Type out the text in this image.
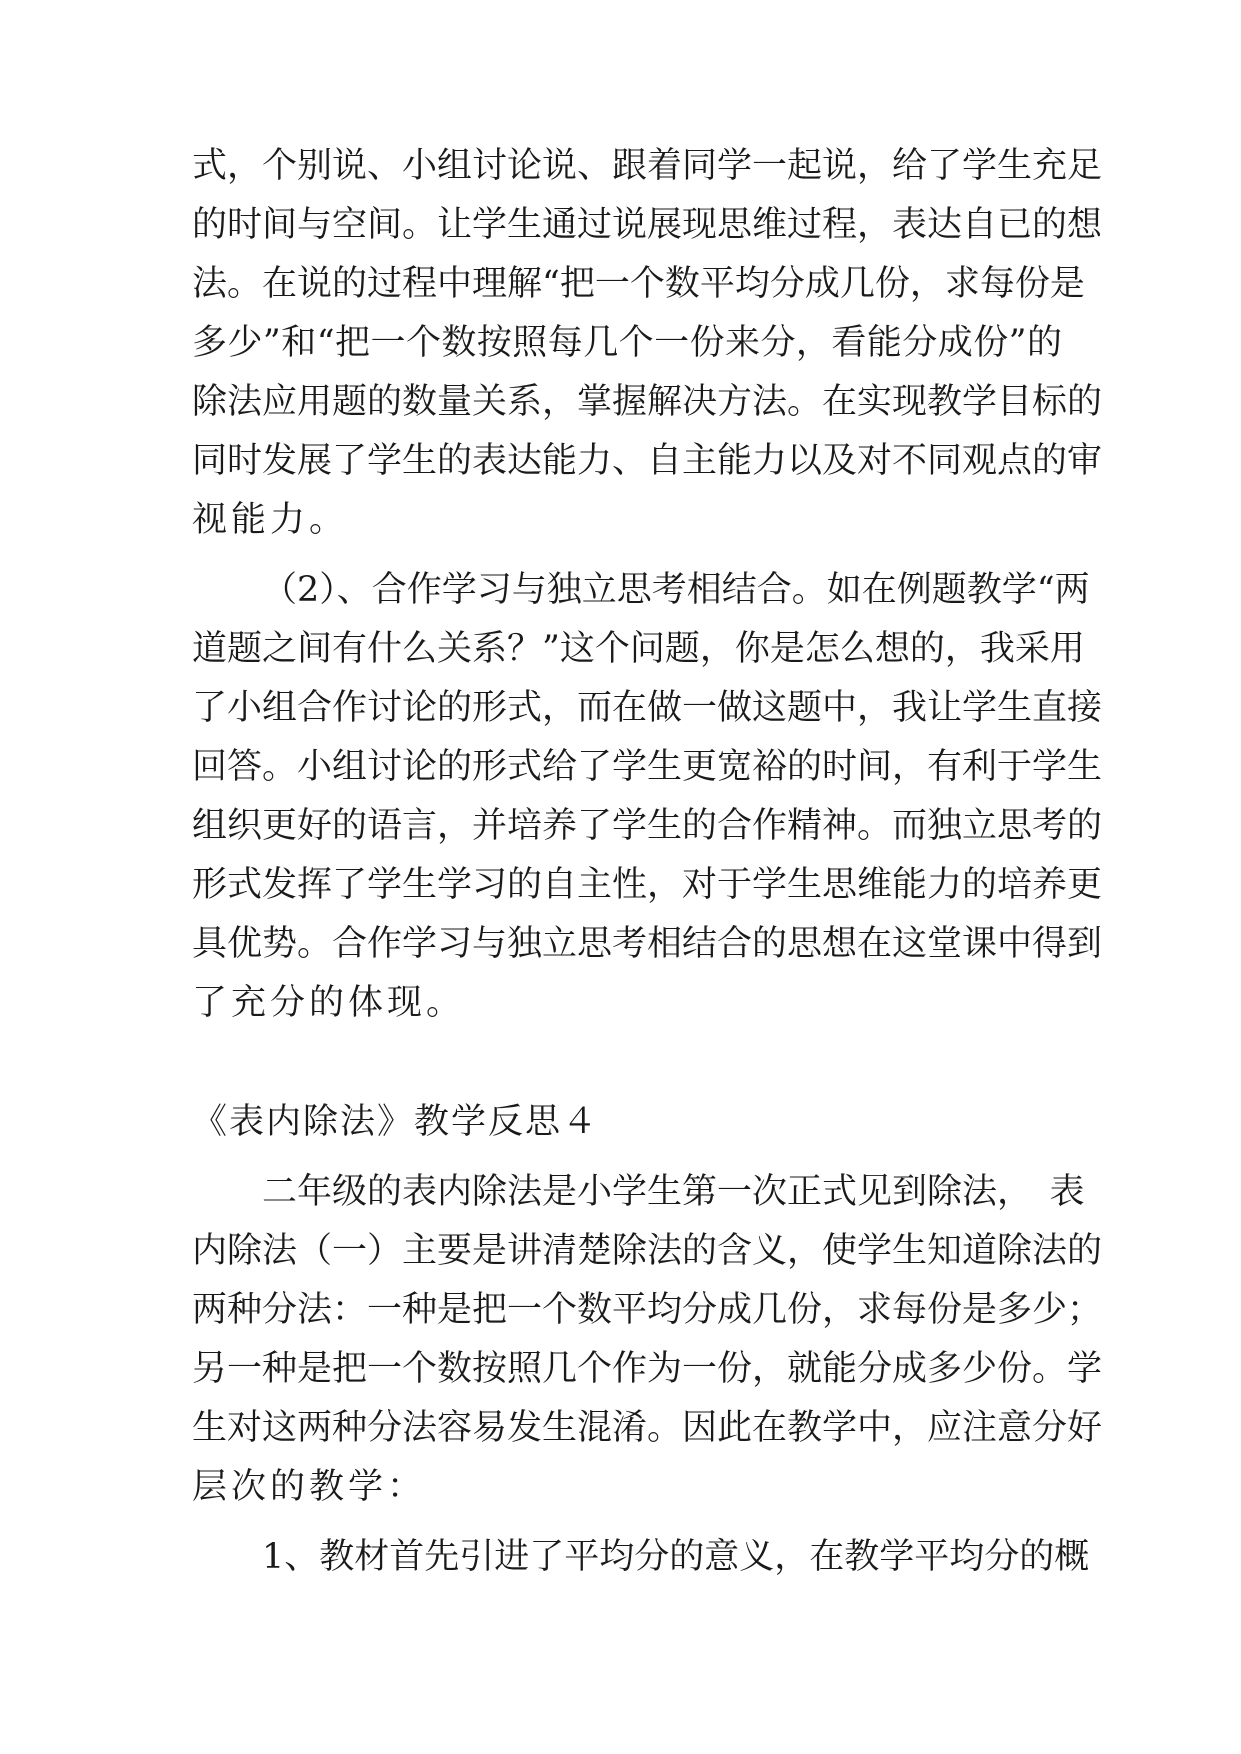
式，个别说、小组讨论说、跟着同学一起说，给了学生充足
的时间与空间。让学生通过说展现思维过程，表达自已的想
法。在说的过程中理解“把一个数平均分成几份，求每份是
多少”和“把一个数按照每几个一份来分，看能分成份”的
除法应用题的数量关系，掌握解决方法。在实现教学目标的
同时发展了学生的表达能力、自主能力以及对不同观点的审
视能力。
（2）、合作学习与独立思考相结合。如在例题教学“两
道题之间有什么关系？”这个问题，你是怎么想的，我采用
了小组合作讨论的形式，而在做一做这题中，我让学生直接
回答。小组讨论的形式给了学生更宽裕的时间，有利于学生
组织更好的语言，并培养了学生的合作精神。而独立思考的
形式发挥了学生学习的自主性，对于学生思维能力的培养更
具优势。合作学习与独立思考相结合的思想在这堂课中得到
了充分的体现。
《表内除法》教学反思４
二年级的表内除法是小学生第一次正式见到除法，　表
内除法（一）主要是讲清楚除法的含义，使学生知道除法的
两种分法：一种是把一个数平均分成几份，求每份是多少；
另一种是把一个数按照几个作为一份，就能分成多少份。学
生对这两种分法容易发生混淆。因此在教学中，应注意分好
层次的教学：
1、教材首先引进了平均分的意义，在教学平均分的概
